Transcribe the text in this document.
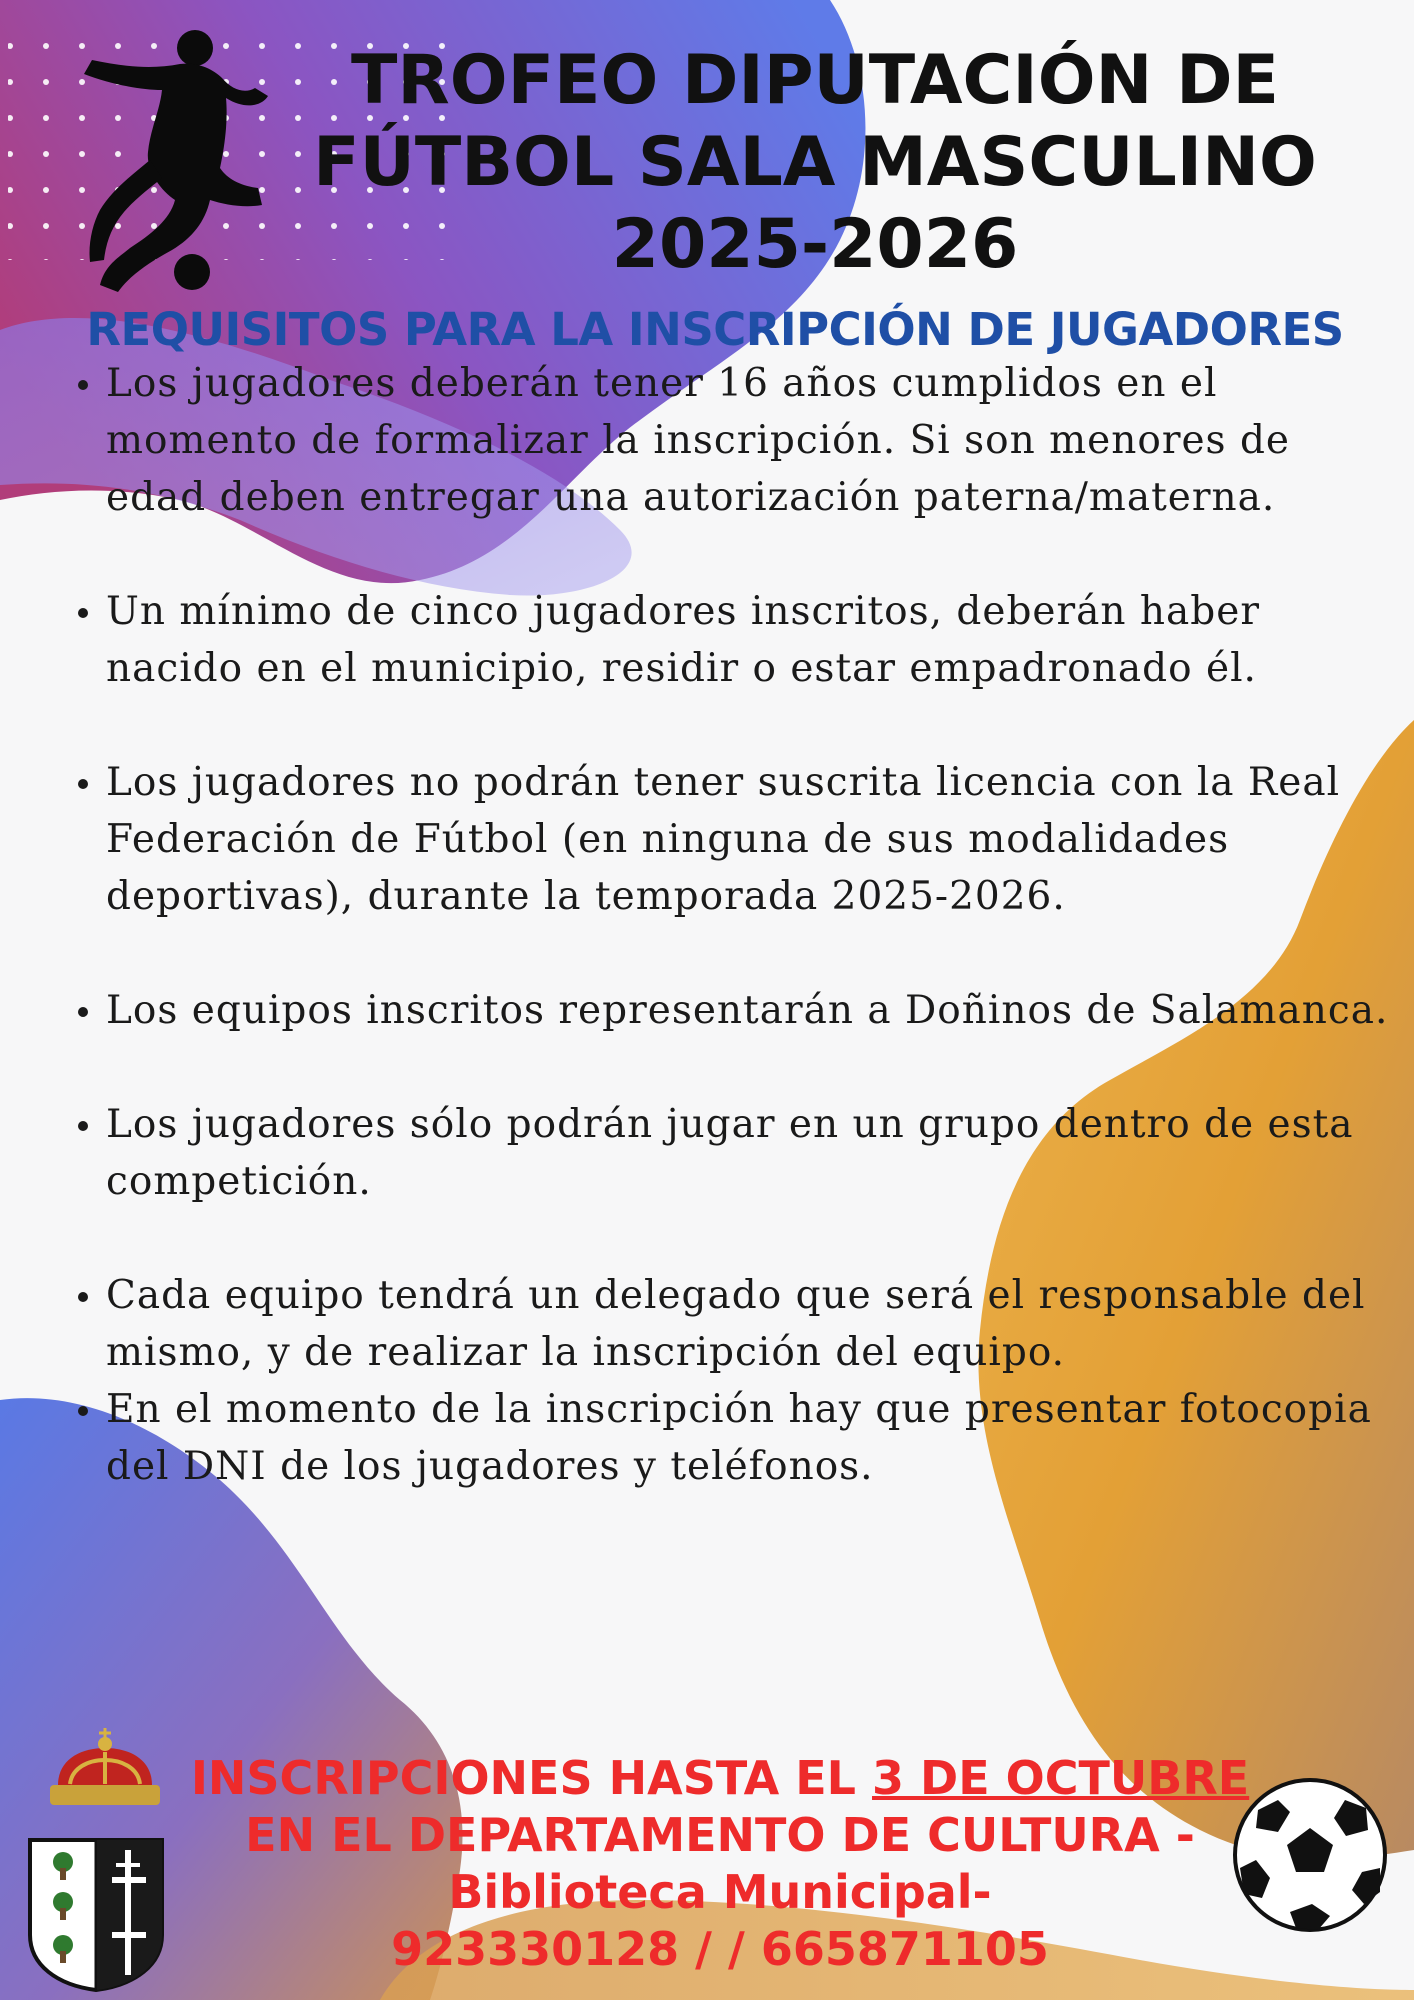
TROFEO DIPUTACIÓN DE
FÚTBOL SALA MASCULINO
2025-2026
REQUISITOS PARA LA INSCRIPCIÓN DE JUGADORES
Los jugadores deberán tener 16 años cumplidos en el momento de formalizar la inscripción. Si son menores de edad deben entregar una autorización paterna/materna.
Un mínimo de cinco jugadores inscritos, deberán haber nacido en el municipio, residir o estar empadronado él.
Los jugadores no podrán tener suscrita licencia con la Real Federación de Fútbol (en ninguna de sus modalidades deportivas), durante la temporada 2025-2026.
Los equipos inscritos representarán a Doñinos de Salamanca.
Los jugadores sólo podrán jugar en un grupo dentro de esta competición.
Cada equipo tendrá un delegado que será el responsable del mismo, y de realizar la inscripción del equipo.
En el momento de la inscripción hay que presentar fotocopia del DNI de los jugadores y teléfonos.
INSCRIPCIONES HASTA EL 3 DE OCTUBRE
EN EL DEPARTAMENTO DE CULTURA -
Biblioteca Municipal-
923330128 / / 665871105
